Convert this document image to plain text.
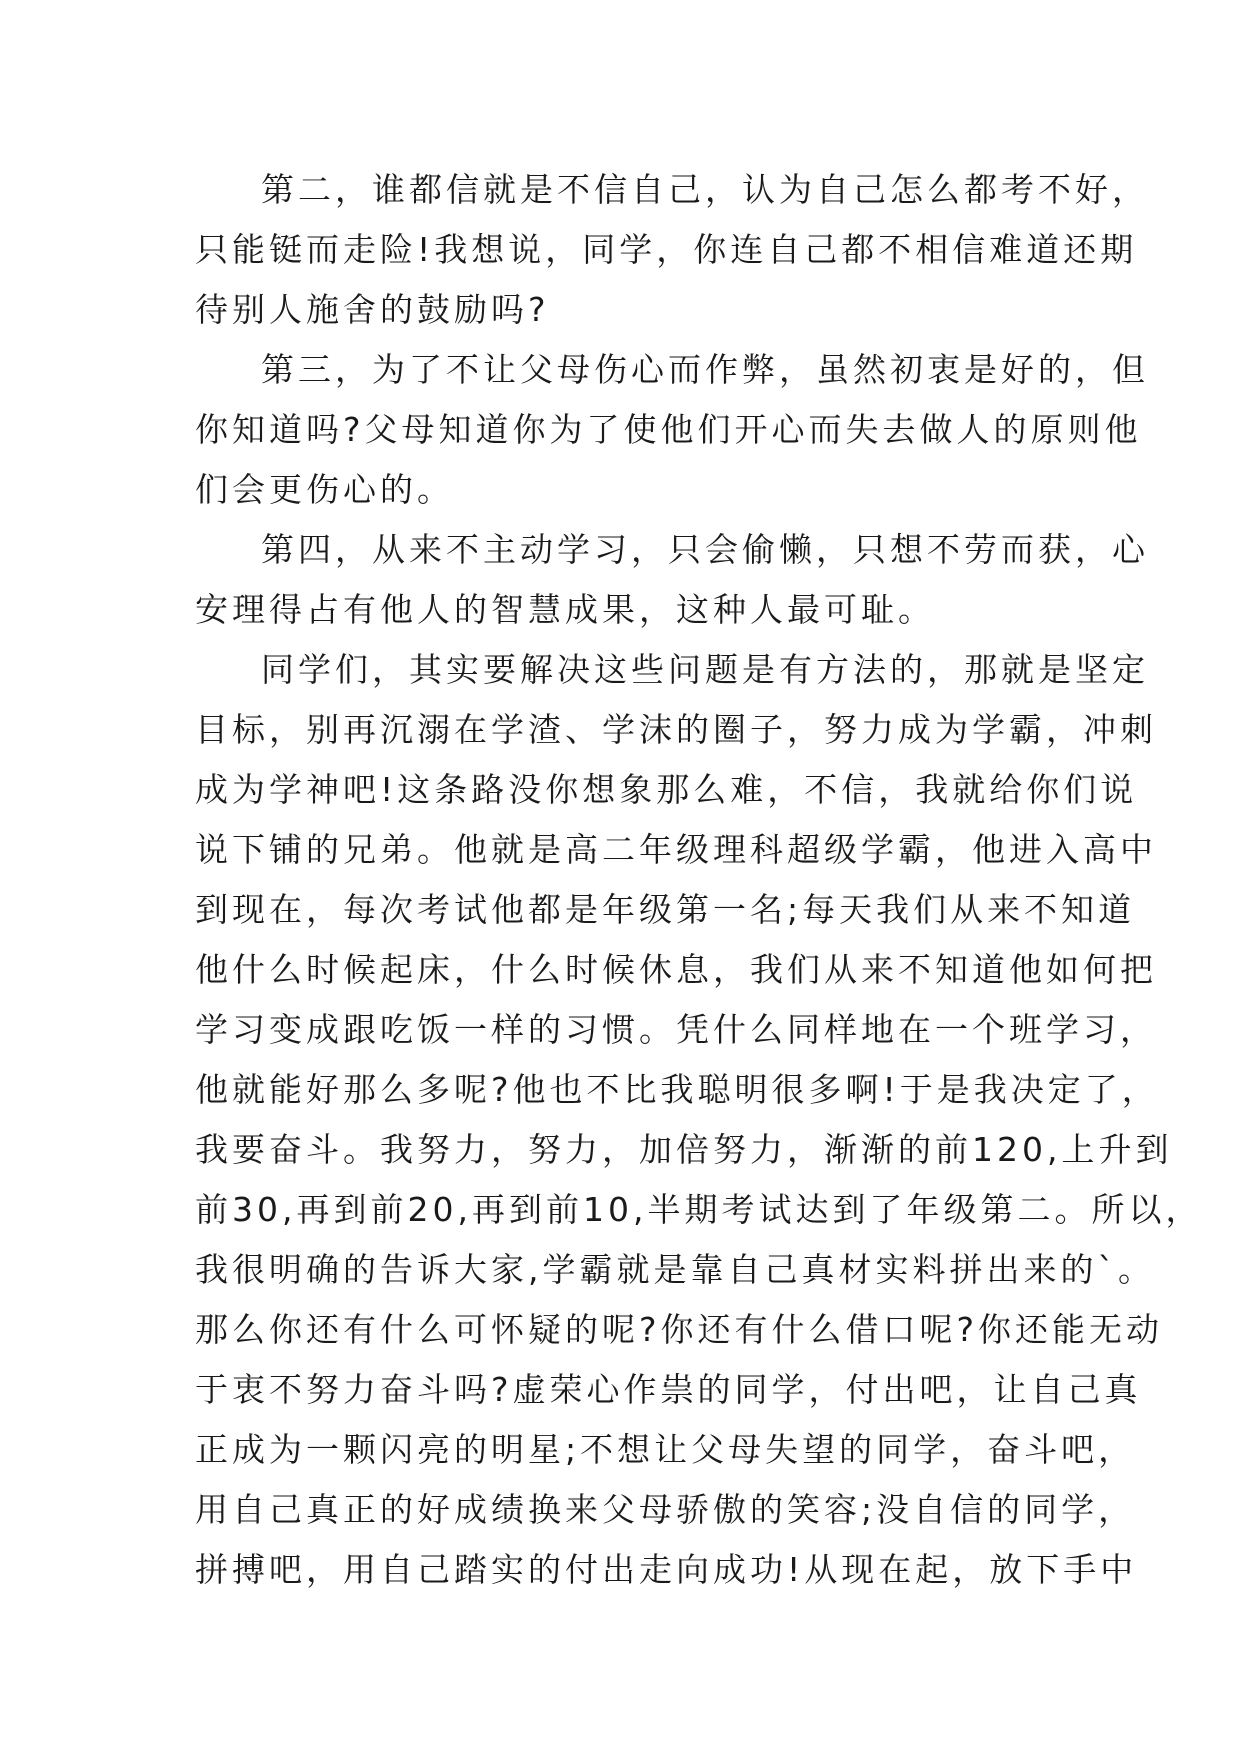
第二，谁都信就是不信自己，认为自己怎么都考不好，
只能铤而走险!我想说，同学，你连自己都不相信难道还期
待别人施舍的鼓励吗?
第三，为了不让父母伤心而作弊，虽然初衷是好的，但
你知道吗?父母知道你为了使他们开心而失去做人的原则他
们会更伤心的。
第四，从来不主动学习，只会偷懒，只想不劳而获，心
安理得占有他人的智慧成果，这种人最可耻。
同学们，其实要解决这些问题是有方法的，那就是坚定
目标，别再沉溺在学渣、学沫的圈子，努力成为学霸，冲刺
成为学神吧!这条路没你想象那么难，不信，我就给你们说
说下铺的兄弟。他就是高二年级理科超级学霸，他进入高中
到现在，每次考试他都是年级第一名;每天我们从来不知道
他什么时候起床，什么时候休息，我们从来不知道他如何把
学习变成跟吃饭一样的习惯。凭什么同样地在一个班学习，
他就能好那么多呢?他也不比我聪明很多啊!于是我决定了，
我要奋斗。我努力，努力，加倍努力，渐渐的前120,上升到
前30,再到前20,再到前10,半期考试达到了年级第二。所以，
我很明确的告诉大家,学霸就是靠自己真材实料拼出来的`。
那么你还有什么可怀疑的呢?你还有什么借口呢?你还能无动
于衷不努力奋斗吗?虚荣心作祟的同学，付出吧，让自己真
正成为一颗闪亮的明星;不想让父母失望的同学，奋斗吧，
用自己真正的好成绩换来父母骄傲的笑容;没自信的同学，
拼搏吧，用自己踏实的付出走向成功!从现在起，放下手中
